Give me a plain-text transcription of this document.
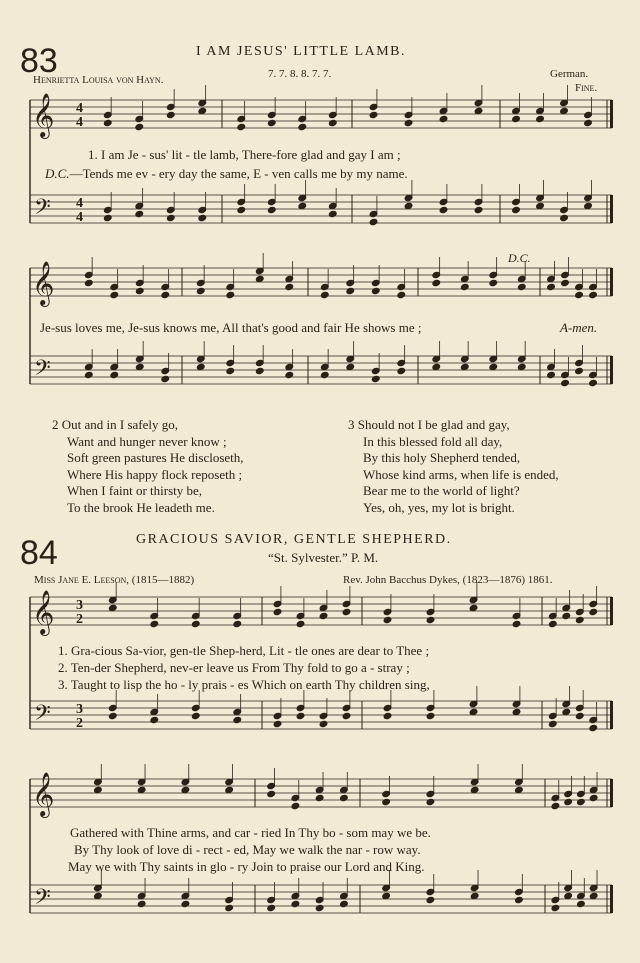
𝄞
𝄢
4
4
4
4
𝄞
𝄢
𝄞
𝄢
3
2
3
2
𝄞
𝄢
83	I AM JESUS' LITTLE LAMB.
Henrietta Louisa von Hayn.	7. 7. 8. 8. 7. 7.	German.
Fine.
1. I am Je - sus' lit - tle lamb, There-fore glad and gay I am ;
D.C.—Tends me ev - ery day the same, E - ven calls me by my name.
D.C.
Je-sus loves me, Je-sus knows me, All that's good and fair He shows me ;	A-men.
2 Out and in I safely go,
Want and hunger never know ;
Soft green pastures He discloseth,
Where His happy flock reposeth ;
When I faint or thirsty be,
To the brook He leadeth me.
3 Should not I be glad and gay,
In this blessed fold all day,
By this holy Shepherd tended,
Whose kind arms, when life is ended,
Bear me to the world of light?
Yes, oh, yes, my lot is bright.
84	GRACIOUS SAVIOR, GENTLE SHEPHERD.
“St. Sylvester.” P. M.
Miss Jane E. Leeson, (1815—1882)	Rev. John Bacchus Dykes, (1823—1876) 1861.
1. Gra-cious Sa-vior, gen-tle Shep-herd, Lit - tle ones are dear to Thee ;
2. Ten-der Shepherd, nev-er leave us From Thy fold to go a - stray ;
3. Taught to lisp the ho - ly prais - es Which on earth Thy children sing,
Gathered with Thine arms, and car - ried In Thy bo - som may we be.
By Thy look of love di - rect - ed, May we walk the nar - row way.
May we with Thy saints in glo - ry Join to praise our Lord and King.
